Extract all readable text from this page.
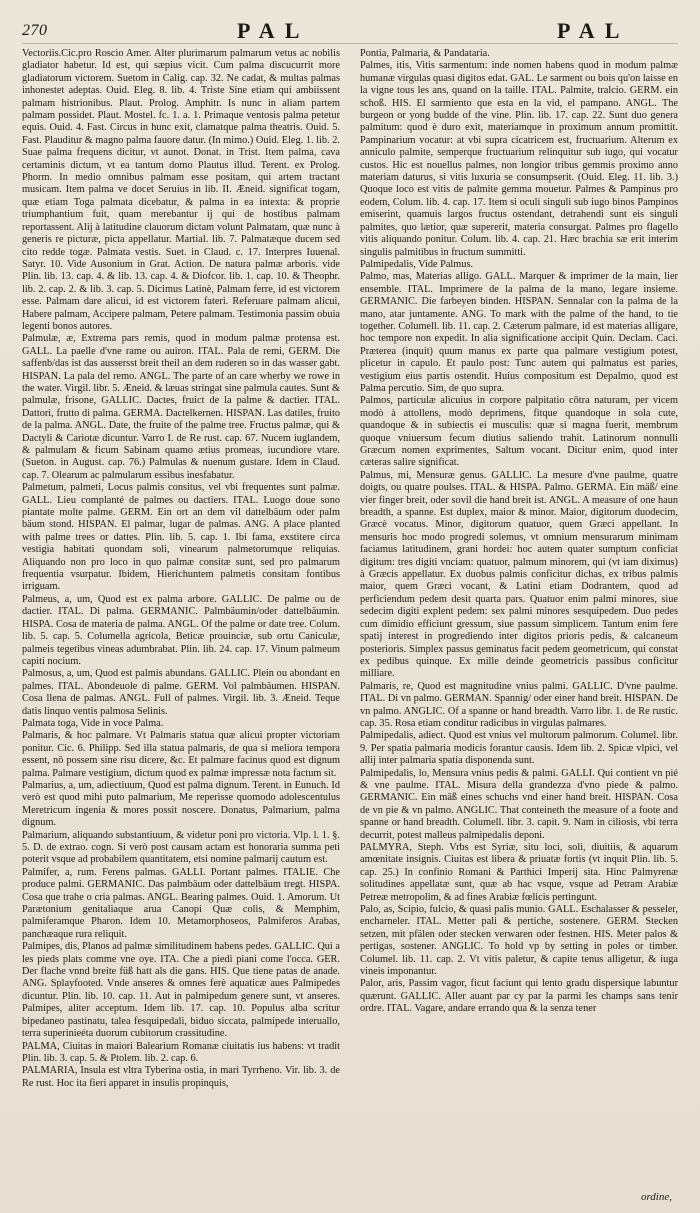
270	PAL	PAL

Vectoriis.Cic.pro Roscio Amer. Alter plurimarum palmarum vetus ac nobilis gladiator habetur. Id est, qui sæpius vicit. Cum palma discucurrit more gladiatorum victorem. Suetom in Calig. cap. 32. Ne cadat, & multas palmas inhonestet adeptas. Ouid. Eleg. 8. lib. 4. Triste Sine etiam qui ambiissent palmam histrionibus. Plaut. Prolog. Amphitr. Is nunc in aliam partem palmam possidet. Plaut. Mostel. fc. 1. a. 1. Primaque ventosis palma petetur equis. Ouid. 4. Fast. Circus in hunc exit, clamatque palma theatris. Ouid. 5. Fast. Plauditur & magno palma fauore datur. (In mimo.) Ouid. Eleg. 1. lib. 2. Suae palma frequens dicitur, vt aunot. Donat. in Trist. Item palma, cava certaminis dictum, vt ea tantum domo Plautus illud. Terent. ex Prolog. Phorm. In medio omnibus palmam esse positam, qui artem tractant musicam. Item palma ve docet Seruius in lib. II. Æneid. significat togam, quæ etiam Toga palmata dicebatur, & palma in ea intexta: & proprie triumphantium fuit, quam merebantur ij qui de hostibus palmam reportassent. Alij à latitudine clauorum dictam volunt Palmatam, quæ nunc à generis re picturæ, picta appellatur. Martial. lib. 7. Palmatæque ducem sed cito redde togæ. Palmata vestis. Suet. in Claud. c. 17. Interpres Iuuenal. Satyr. 10. Vide Ausonium in Grat. Action. De natura palmæ arboris. vide Plin. lib. 13. cap. 4. & lib. 13. cap. 4. & Diofcor. lib. 1. cap. 10. & Theophr. lib. 2. cap. 2. & lib. 3. cap. 5. Dicimus Latinè, Palmam ferre, id est victorem esse. Palmam dare alicui, id est victorem fateri. Referuare palmam alicui, Habere palmam, Accipere palmam, Petere palmam. Testimonia passim obuia legenti bonos autores.

Palmulæ, æ, Extrema pars remis, quod in modum palmæ protensa est. GALL. La paelle d'vne rame ou auiron. ITAL. Pala de remi, GERM. Die saffenb/das ist das aussersst breit theil an dem ruderen so in das wasser gabt. HISPAN. La pala del remo. ANGL. The parte of an care wherby we rowe in the water. Virgil. libr. 5. Æneid. & læuas stringat sine palmula cautes. Sunt & palmulæ, frisone, GALLIC. Dactes, fruict de la palme & dactier. ITAL. Dattori, frutto di palma. GERMA. Dactelkernen. HISPAN. Las datiles, fruito de la palma. ANGL. Date, the fruite of the palme tree. Fructus palmæ, qui & Dactyli & Cariotæ dicuntur. Varro I. de Re rust. cap. 67. Nucem iuglandem, & palmulam & ficum Sabinam quamo ætius promeas, iucundiore vtare. (Sueton. in August. cap. 76.) Palmulas & nuenum gustare. Idem in Claud. cap. 7. Olearum ac palmularum essibus inesfabatur.

Palmetum, palmeti, Locus palmis consitus, vel vbi frequentes sunt palmæ. GALL. Lieu complanté de palmes ou dactiers. ITAL. Luogo doue sono piantate molte palme. GERM. Ein ort an dem vil dattelbäum oder palm bäum stond. HISPAN. El palmar, lugar de palmas. ANG. A place planted with palme trees or dattes. Plin. lib. 5. cap. 1. Ibi fama, exstitere circa vestigia habitati quondam soli, vinearum palmetorumque reliquias. Aliquando non pro loco in quo palmæ consitæ sunt, sed pro palmarum frequentia vsurpatur. Ibidem, Hierichuntem palmetis consitam fontibus irriguam.

Palmeus, a, um, Quod est ex palma arbore. GALLIC. De palme ou de dactier. ITAL. Di palma. GERMANIC. Palmbäumin/oder dattelbäumin. HISPA. Cosa de materia de palma. ANGL. Of the palme or date tree. Colum. lib. 5. cap. 5. Columella agricola, Beticæ prouinciæ, sub ortu Caniculæ, palmeis tegetibus vineas adumbrabat. Plin. lib. 24. cap. 17. Vinum palmeum capiti nocium.

Palmosus, a, um, Quod est palmis abundans. GALLIC. Plein ou abondant en palmes. ITAL. Abondeuole di palme. GERM. Vol palmbäumen. HISPAN. Cosa llena de palmas. ANGL. Full of palmes. Virgil. lib. 3. Æneid. Teque datis linquo ventis palmosa Selinis.

Palmata toga, Vide in voce Palma.

Palmaris, & hoc palmare. Vt Palmaris statua quæ alicui propter victoriam ponitur. Cic. 6. Philipp. Sed illa statua palmaris, de qua si meliora tempora essent, nō possem sine risu dicere, &c. Et palmare facinus quod est dignum palma. Palmare vestigium, dictum quod ex palmæ impressæ nota factum sit.

Palmarius, a, um, adiectiuum, Quod est palma dignum. Terent. in Eunuch. Id verò est quod mihi puto palmarium, Me reperisse quomodo adolescentulus Meretricum ingenia & mores possit noscere. Donatus, Palmarium, palma dignum.

Palmarium, aliquando substantiuum, & videtur poni pro victoria. Vlp. l. 1. §. 5. D. de extrao. cogn. Si verò post causam actam est honoraria summa peti poterit vsque ad probabilem quantitatem, etsi nomine palmarij cautum est.

Palmifer, a, rum. Ferens palmas. GALLI. Portant palmes. ITALIE. Che produce palmi. GERMANIC. Das palmbäum oder dattelbäum tregt. HISPA. Cosa que trahe o cria palmas. ANGL. Bearing palmes. Ouid. 1. Amorum. Ut Parætonium genitaliaque arua Canopi Quæ colis, & Memphim, palmiferamque Pharon. Idem 10. Metamorphoseos, Palmiferos Arabas, panchæaque rura reliquit.

Palmipes, dis, Planos ad palmæ similitudinem habens pedes. GALLIC. Qui a les pieds plats comme vne oye. ITA. Che a piedi piani come l'occa. GER. Der flache vnnd breite füß hatt als die gans. HIS. Que tiene patas de anade. ANG. Splayfooted. Vnde anseres & omnes ferè aquaticæ aues Palmipedes dicuntur. Plin. lib. 10. cap. 11. Aut in palmipedum genere sunt, vt anseres. Palmipes, aliter acceptum. Idem lib. 17. cap. 10. Populus alba scritur bipedaneo pastinatu, talea fesquipedali, biduo siccata, palmipede interuallo, terra superinieéta duorum cubitorum crassitudine.

PALMA, Ciuitas in maiori Balearium Romanæ ciuitatis ius habens: vt tradit Plin. lib. 3. cap. 5. & Ptolem. lib. 2. cap. 6.

PALMARIA, Insula est vltra Tyberina ostia, in mari Tyrrheno. Vir. lib. 3. de Re rust. Hoc ita fieri apparet in insulis propinquis,

Pontia, Palmaria, & Pandataria.

Palmes, itis, Vitis sarmentum: inde nomen habens quod in modum palmæ humanæ virgulas quasi digitos edat. GAL. Le sarment ou bois qu'on laisse en la vigne tous les ans, quand on la taille. ITAL. Palmite, tralcio. GERM. ein schoß. HIS. El sarmiento que esta en la vid, el pampano. ANGL. The burgeon or yong budde of the vine. Plin. lib. 17. cap. 22. Sunt duo genera palmitum: quod è duro exit, materiamque in proximum annum promittit. Pampinarium vocatur: at vbi supra cicatricem est, fructuarium. Alterum ex anniculo palmite, semperque fructuarium relinquitur sub iugo, qui vocatur custos. Hic est nouellus palmes, non longior tribus gemmis proximo anno materiam daturus, si vitis luxuria se consumpserit. (Ouid. Eleg. 11. lib. 3.) Quoque loco est vitis de palmite gemma mouetur. Palmes & Pampinus pro eodem, Colum. lib. 4. cap. 17. Item si oculi singuli sub iugo binos Pampinos emiserint, quamuis largos fructus ostendant, detrahendi sunt eis singuli palmites, quo lætior, quæ supererit, materia consurgat. Palmes pro flagello vitis aliquando ponitur. Colum. lib. 4. cap. 21. Hæc brachia sæ erit interim singulis palmitibus in fructum summitti.

Palmipedalis, Vide Palmus.

Palmo, mas, Materias alligo. GALL. Marquer & imprimer de la main, lier ensemble. ITAL. Imprimere de la palma de la mano, legare insieme. GERMANIC. Die farbeyen binden. HISPAN. Sennalar con la palma de la mano, atar juntamente. ANG. To mark with the palme of the hand, to tie together. Columell. lib. 11. cap. 2. Cæterum palmare, id est materias alligare, hoc tempore non expedit. In alia significatione accipit Quin. Declam. Caci. Præterea (inquit) quum manus ex parte qua palmare vestigium potest, plicetur in capulo. Et paulo post: Tunc autem qui palmatus est paries, vestigium eius partis ostendit. Huius compositum est Depalmo, quod est Palma percutio. Sim, de quo supra.

Palmos, particulæ alicuius in corpore palpitatio cōtra naturam, per vicem modò à attollens, modò deprimens, fitque quandoque in sola cute, quandoque & in subiectis ei musculis: quæ si magna fuerit, membrum quoque vniuersum fecum diutius saliendo trahit. Latinorum nonnulli Græcum nomen exprimentes, Saltum vocant. Dicitur enim, quod inter cæteras salire significat.

Palmus, mi, Mensuræ genus. GALLIC. La mesure d'vne paulme, quatre doigts, ou quatre poulses. ITAL. & HISPA. Palmo. GERMA. Ein mäß/ eine vier finger breit, oder sovil die hand breit ist. ANGL. A measure of one haun breadth, a spanne. Est duplex, maior & minor. Maior, digitorum duodecim, Græcè vocatus. Minor, digitorum quatuor, quem Græci appellant. In mensuris hoc modo progredi solemus, vt omnium mensurarum minimam faciamus latitudinem, grani hordei: hoc autem quater sumptum conficiat digitum: tres digiti vnciam: quatuor, palmum minorem, qui (vt iam diximus) à Græcis appellatur. Ex duobus palmis conficitur dichas, ex tribus palmis maior, quem Græci vocant, & Latini etiam Dodrantem, quod ad perficiendum pedem desit quarta pars. Quatuor enim palmi minores, siue sedecim digiti explent pedem: sex palmi minores sesquipedem. Duo pedes cum dimidio efficiunt gressum, siue passum simplicem. Tantum enim fere spatij interest in progrediendo inter digitos prioris pedis, & calcaneum posterioris. Simplex passus geminatus facit pedem geometricum, qui constat ex pedibus quinque. Ex mille deinde geometricis passibus conficitur milliare.

Palmaris, re, Quod est magnitudine vnius palmi. GALLIC. D'vne paulme. ITAL. Di vn palmo. GERMAN. Spannig/ oder einer hand breit. HISPAN. De vn palmo. ANGLIC. Of a spanne or hand breadth. Varro libr. 1. de Re rustic. cap. 35. Rosa etiam conditur radicibus in virgulas palmares.

Palmipedalis, adiect. Quod est vnius vel multorum palmorum. Columel. libr. 9. Per spatia palmaria modicis forantur causis. Idem lib. 2. Spicæ vlpici, vel allij inter palmaria spatia disponenda sunt.

Palmipedalis, lo, Mensura vnius pedis & palmi. GALLI. Qui contient vn pié & vne paulme. ITAL. Misura della grandezza d'vno piede & palmo. GERMANIC. Ein mäß eines schuchs vnd einer hand breit. HISPAN. Cosa de vn pie & vn palmo. ANGLIC. That conteineth the measure of a foote and spanne or hand breadth. Columell. libr. 3. capit. 9. Nam in ciliosis, vbi terra decurrit, potest malleus palmipedalis deponi.

PALMYRA, Steph. Vrbs est Syriæ, situ loci, soli, diuitiis, & aquarum amœnitate insignis. Ciuitas est libera & priuatæ fortis (vt inquit Plin. lib. 5. cap. 25.) In confinio Romani & Parthici Imperij sita. Hinc Palmyrenæ solitudines appellatæ sunt, quæ ab hac vsque, vsque ad Petram Arabiæ Petreæ metropolim, & ad fines Arabiæ fœlicis pertingunt.

Palo, as, Scipio, fulcio, & quasi palis munio. GALL. Eschalasser & pesseler, encharneler. ITAL. Metter pali & pertiche, sostenere. GERM. Stecken setzen, mit pfälen oder stecken verwaren oder festnen. HIS. Meter palos & pertigas, sostener. ANGLIC. To hold vp by setting in poles or timber. Columel. lib. 11. cap. 2. Vt vitis paletur, & capite tenus alligetur, & iuga vineis imponantur.

Palor, aris, Passim vagor, ficut faciunt qui lento gradu dispersique labuntur quærunt. GALLIC. Aller auant par cy par la parmi les champs sans tenir ordre. ITAL. Vagare, andare errando qua & la senza tener

ordine,
